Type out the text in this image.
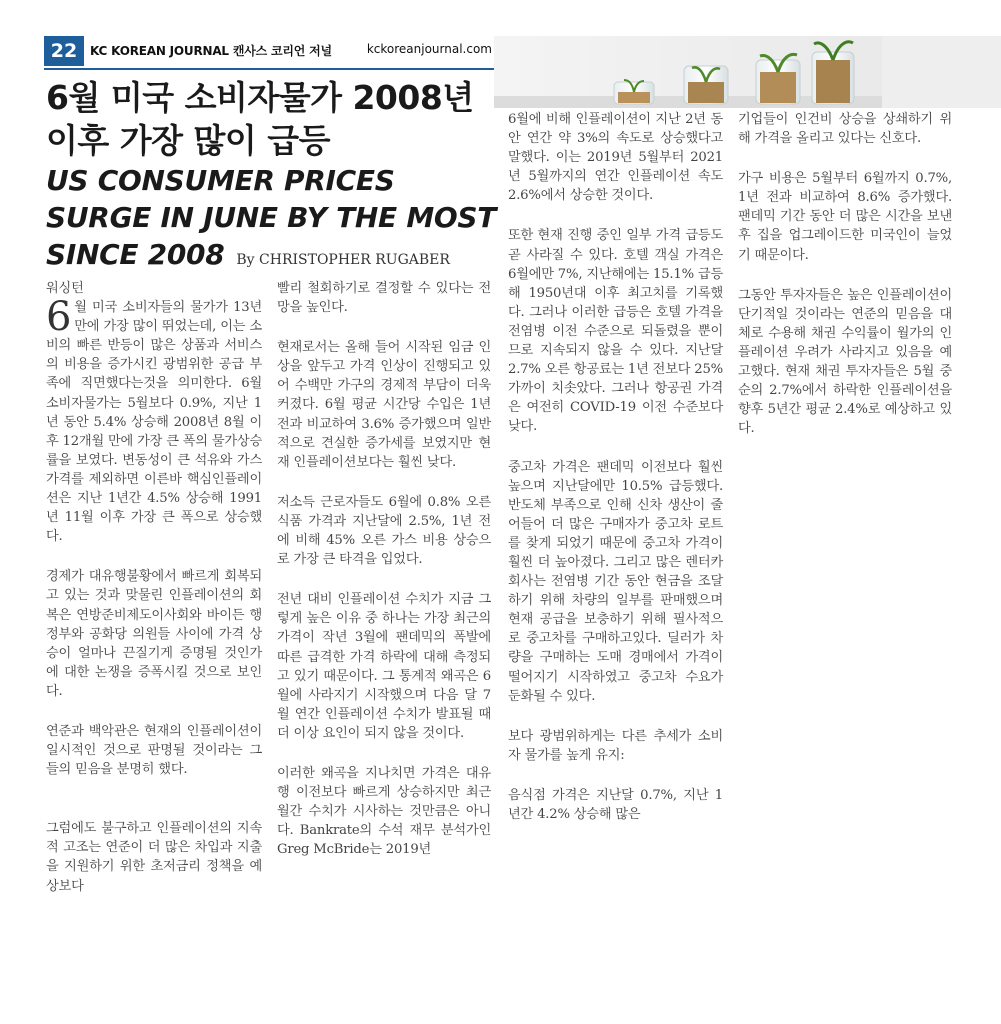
22	KC KOREAN JOURNAL 캔사스 코리언 저널	kckoreanjournal.com
6월 미국 소비자물가 2008년 이후 가장 많이 급등
US CONSUMER PRICES SURGE IN JUNE BY THE MOST SINCE 2008 By CHRISTOPHER RUGABER

워싱턴

6 월 미국 소비자들의 물가가 13년 만에 가장 많이 뛰었는데, 이는 소비의 빠른 반등이 많은 상품과 서비스의 비용을 증가시킨 광범위한 공급 부족에 직면했다는것을 의미한다. 6월 소비자물가는 5월보다 0.9%, 지난 1년 동안 5.4% 상승해 2008년 8월 이후 12개월 만에 가장 큰 폭의 물가상승률을 보였다. 변동성이 큰 석유와 가스 가격를 제외하면 이른바 핵심인플레이션은 지난 1년간 4.5% 상승해 1991년 11월 이후 가장 큰 폭으로 상승했다.

경제가 대유행불황에서 빠르게 회복되고 있는 것과 맞물린 인플레이션의 회복은 연방준비제도이사회와 바이든 행정부와 공화당 의원들 사이에 가격 상승이 얼마나 끈질기게 증명될 것인가에 대한 논쟁을 증폭시킬 것으로 보인다.

연준과 백악관은 현재의 인플레이션이 일시적인 것으로 판명될 것이라는 그들의 믿음을 분명히 했다.

그럼에도 불구하고 인플레이션의 지속적 고조는 연준이 더 많은 차입과 지출을 지원하기 위한 초저금리 정책을 예상보다

빨리 철회하기로 결정할 수 있다는 전망을 높인다.

현재로서는 올해 들어 시작된 임금 인상을 앞두고 가격 인상이 진행되고 있어 수백만 가구의 경제적 부담이 더욱 커졌다. 6월 평균 시간당 수입은 1년 전과 비교하여 3.6% 증가했으며 일반적으로 견실한 증가세를 보였지만 현재 인플레이션보다는 훨씬 낮다.

저소득 근로자들도 6월에 0.8% 오른 식품 가격과 지난달에 2.5%, 1년 전에 비해 45% 오른 가스 비용 상승으로 가장 큰 타격을 입었다.

전년 대비 인플레이션 수치가 지금 그렇게 높은 이유 중 하나는 가장 최근의 가격이 작년 3월에 팬데믹의 폭발에 따른 급격한 가격 하락에 대해 측정되고 있기 때문이다. 그 통계적 왜곡은 6월에 사라지기 시작했으며 다음 달 7월 연간 인플레이션 수치가 발표될 때 더 이상 요인이 되지 않을 것이다.

이러한 왜곡을 지나치면 가격은 대유행 이전보다 빠르게 상승하지만 최근 월간 수치가 시사하는 것만큼은 아니다. Bankrate의 수석 재무 분석가인 Greg McBride는 2019년

6월에 비해 인플레이션이 지난 2년 동안 연간 약 3%의 속도로 상승했다고 말했다. 이는 2019년 5월부터 2021년 5월까지의 연간 인플레이션 속도 2.6%에서 상승한 것이다.

또한 현재 진행 중인 일부 가격 급등도 곧 사라질 수 있다. 호텔 객실 가격은 6월에만 7%, 지난해에는 15.1% 급등해 1950년대 이후 최고치를 기록했다. 그러나 이러한 급등은 호텔 가격을 전염병 이전 수준으로 되돌렸을 뿐이므로 지속되지 않을 수 있다. 지난달 2.7% 오른 항공료는 1년 전보다 25% 가까이 치솟았다. 그러나 항공권 가격은 여전히 COVID-19 이전 수준보다 낮다.

중고차 가격은 팬데믹 이전보다 훨씬 높으며 지난달에만 10.5% 급등했다. 반도체 부족으로 인해 신차 생산이 줄어들어 더 많은 구매자가 중고차 로트를 찾게 되었기 때문에 중고차 가격이 훨씬 더 높아졌다. 그리고 많은 렌터카 회사는 전염병 기간 동안 현금을 조달하기 위해 차량의 일부를 판매했으며 현재 공급을 보충하기 위해 필사적으로 중고차를 구매하고있다. 딜러가 차량을 구매하는 도매 경매에서 가격이 떨어지기 시작하였고 중고차 수요가 둔화될 수 있다.

보다 광범위하게는 다른 추세가 소비자 물가를 높게 유지:

음식점 가격은 지난달 0.7%, 지난 1년간 4.2% 상승해 많은

기업들이 인건비 상승을 상쇄하기 위해 가격을 올리고 있다는 신호다.

가구 비용은 5월부터 6월까지 0.7%, 1년 전과 비교하여 8.6% 증가했다. 팬데믹 기간 동안 더 많은 시간을 보낸 후 집을 업그레이드한 미국인이 늘었기 때문이다.

그동안 투자자들은 높은 인플레이션이 단기적일 것이라는 연준의 믿음을 대체로 수용해 채권 수익률이 월가의 인플레이션 우려가 사라지고 있음을 예고했다. 현재 채권 투자자들은 5월 중순의 2.7%에서 하락한 인플레이션을 향후 5년간 평균 2.4%로 예상하고 있다.
